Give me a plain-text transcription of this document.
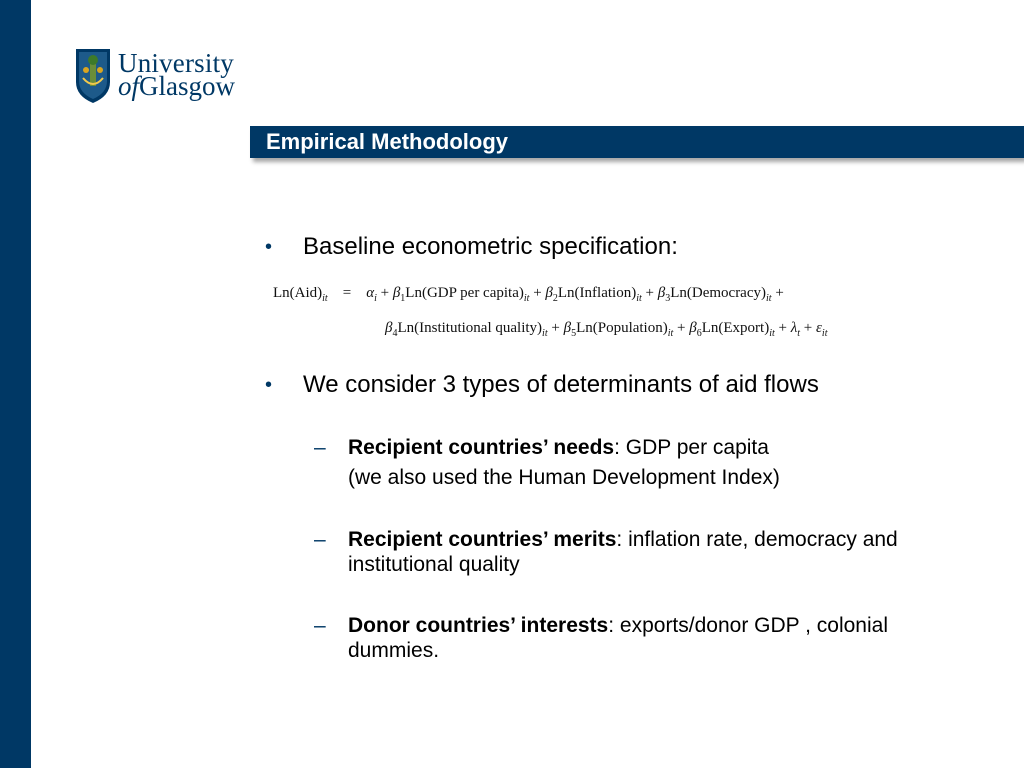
University
ofGlasgow
Empirical Methodology
• Baseline econometric specification:
$Ln(Aid)_{it}$    =    $\alpha_i + \beta_1Ln(GDP$ per $capita)_{it}$ + $\beta_2Ln(Inflation)_{it}$ + $\beta_3Ln(Democracy)_{it}$ +
$\beta_4Ln(Institutional$ $quality)_{it}$ + $\beta_5Ln(Population)_{it}$ + $\beta_6Ln(Export)_{it} + \lambda_t + \varepsilon_{it}$
• We consider 3 types of determinants of aid flows
– Recipient countries’ needs: GDP per capita
(we also used the Human Development Index)
– Recipient countries’ merits: inflation rate, democracy and institutional quality
– Donor countries’ interests: exports/donor GDP , colonial dummies.
